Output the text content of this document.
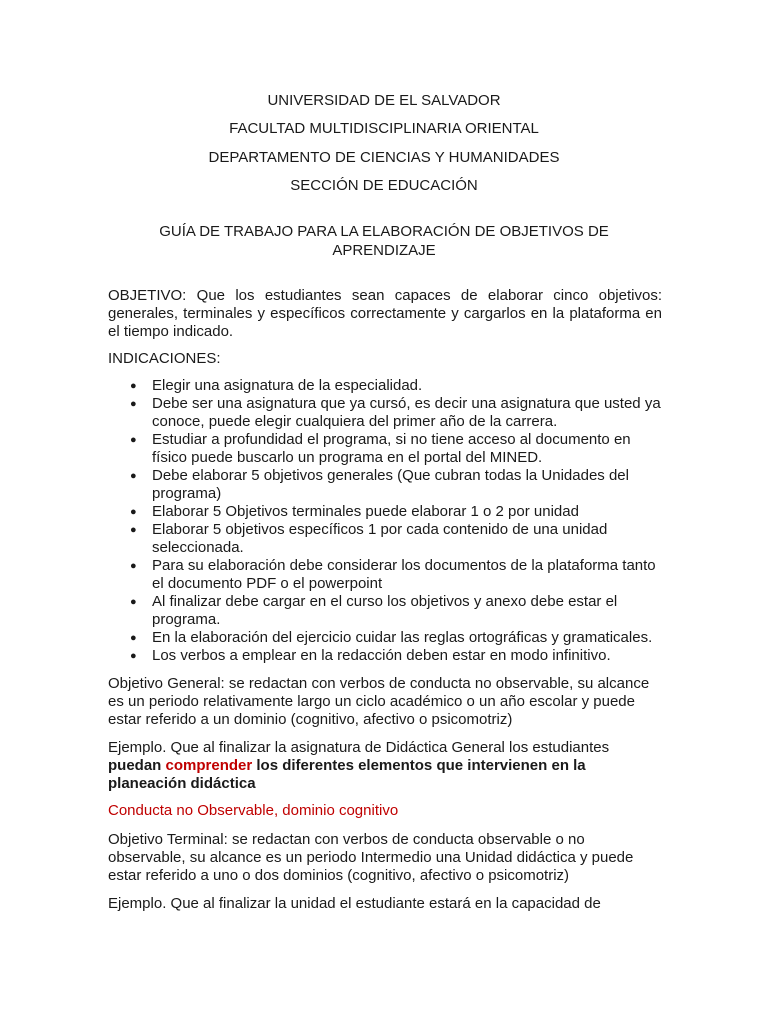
UNIVERSIDAD DE EL SALVADOR
FACULTAD MULTIDISCIPLINARIA ORIENTAL
DEPARTAMENTO DE CIENCIAS Y HUMANIDADES
SECCIÓN DE EDUCACIÓN
GUÍA DE TRABAJO PARA LA ELABORACIÓN DE OBJETIVOS DE
APRENDIZAJE
OBJETIVO: Que los estudiantes sean capaces de elaborar cinco objetivos: generales, terminales y específicos correctamente y cargarlos en la plataforma en el tiempo indicado.
INDICACIONES:
● Elegir una asignatura de la especialidad.
● Debe ser una asignatura que ya cursó, es decir una asignatura que usted ya conoce, puede elegir cualquiera del primer año de la carrera.
● Estudiar a profundidad el programa, si no tiene acceso al documento en físico puede buscarlo un programa en el portal del MINED.
● Debe elaborar 5 objetivos generales (Que cubran todas la Unidades del programa)
● Elaborar 5 Objetivos terminales puede elaborar 1 o 2 por unidad
● Elaborar 5 objetivos específicos 1 por cada contenido de una unidad seleccionada.
● Para su elaboración debe considerar los documentos de la plataforma tanto el documento PDF o el powerpoint
● Al finalizar debe cargar en el curso los objetivos y anexo debe estar el programa.
● En la elaboración del ejercicio cuidar las reglas ortográficas y gramaticales.
● Los verbos a emplear en la redacción deben estar en modo infinitivo.
Objetivo General: se redactan con verbos de conducta no observable, su alcance es un periodo relativamente largo un ciclo académico o un año escolar y puede estar referido a un dominio (cognitivo, afectivo o psicomotriz)
Ejemplo. Que al finalizar la asignatura de Didáctica General los estudiantes puedan comprender los diferentes elementos que intervienen en la planeación didáctica
Conducta no Observable, dominio cognitivo
Objetivo Terminal: se redactan con verbos de conducta observable o no observable, su alcance es un periodo Intermedio una Unidad didáctica y puede estar referido a uno o dos dominios (cognitivo, afectivo o psicomotriz)
Ejemplo. Que al finalizar la unidad el estudiante estará en la capacidad de
